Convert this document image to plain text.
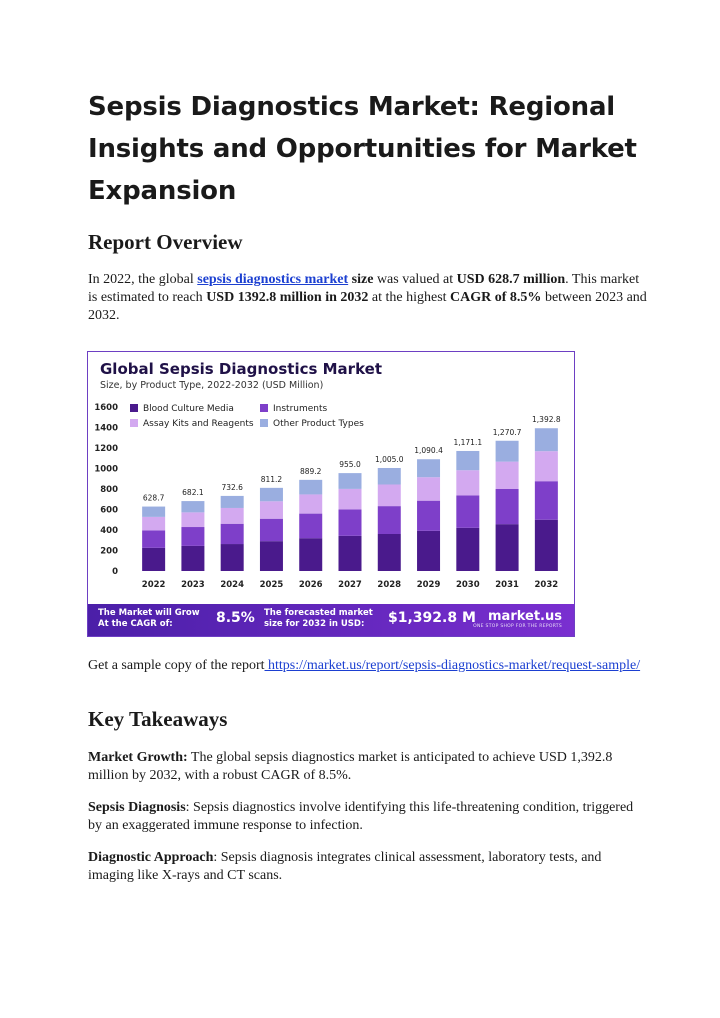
Sepsis Diagnostics Market: Regional Insights and Opportunities for Market Expansion
Report Overview

In 2022, the global sepsis diagnostics market size was valued at USD 628.7 million. This market is estimated to reach USD 1392.8 million in 2032 at the highest CAGR of 8.5% between 2023 and 2032.

Global Sepsis Diagnostics Market

Size, by Product Type, 2022-2032 (USD Million)

Blood Culture Media	Instruments
Assay Kits and Reagents	Other Product Types
0
200
400
600
800
1000
1200
1400
1600
628.7
2022
682.1
2023
732.6
2024
811.2
2025
889.2
2026
955.0
2027
1,005.0
2028
1,090.4
2029
1,171.1
2030
1,270.7
2031
1,392.8
2032
The Market will Grow
At the CAGR of:	8.5% The forecasted market
size for 2032 in USD:	$1,392.8 M market.us
ONE STOP SHOP FOR THE REPORTS

Get a sample copy of the report https://market.us/report/sepsis-diagnostics-market/request-sample/

Key Takeaways

Market Growth: The global sepsis diagnostics market is anticipated to achieve USD 1,392.8 million by 2032, with a robust CAGR of 8.5%.

Sepsis Diagnosis: Sepsis diagnostics involve identifying this life-threatening condition, triggered by an exaggerated immune response to infection.

Diagnostic Approach: Sepsis diagnosis integrates clinical assessment, laboratory tests, and imaging like X-rays and CT scans.
